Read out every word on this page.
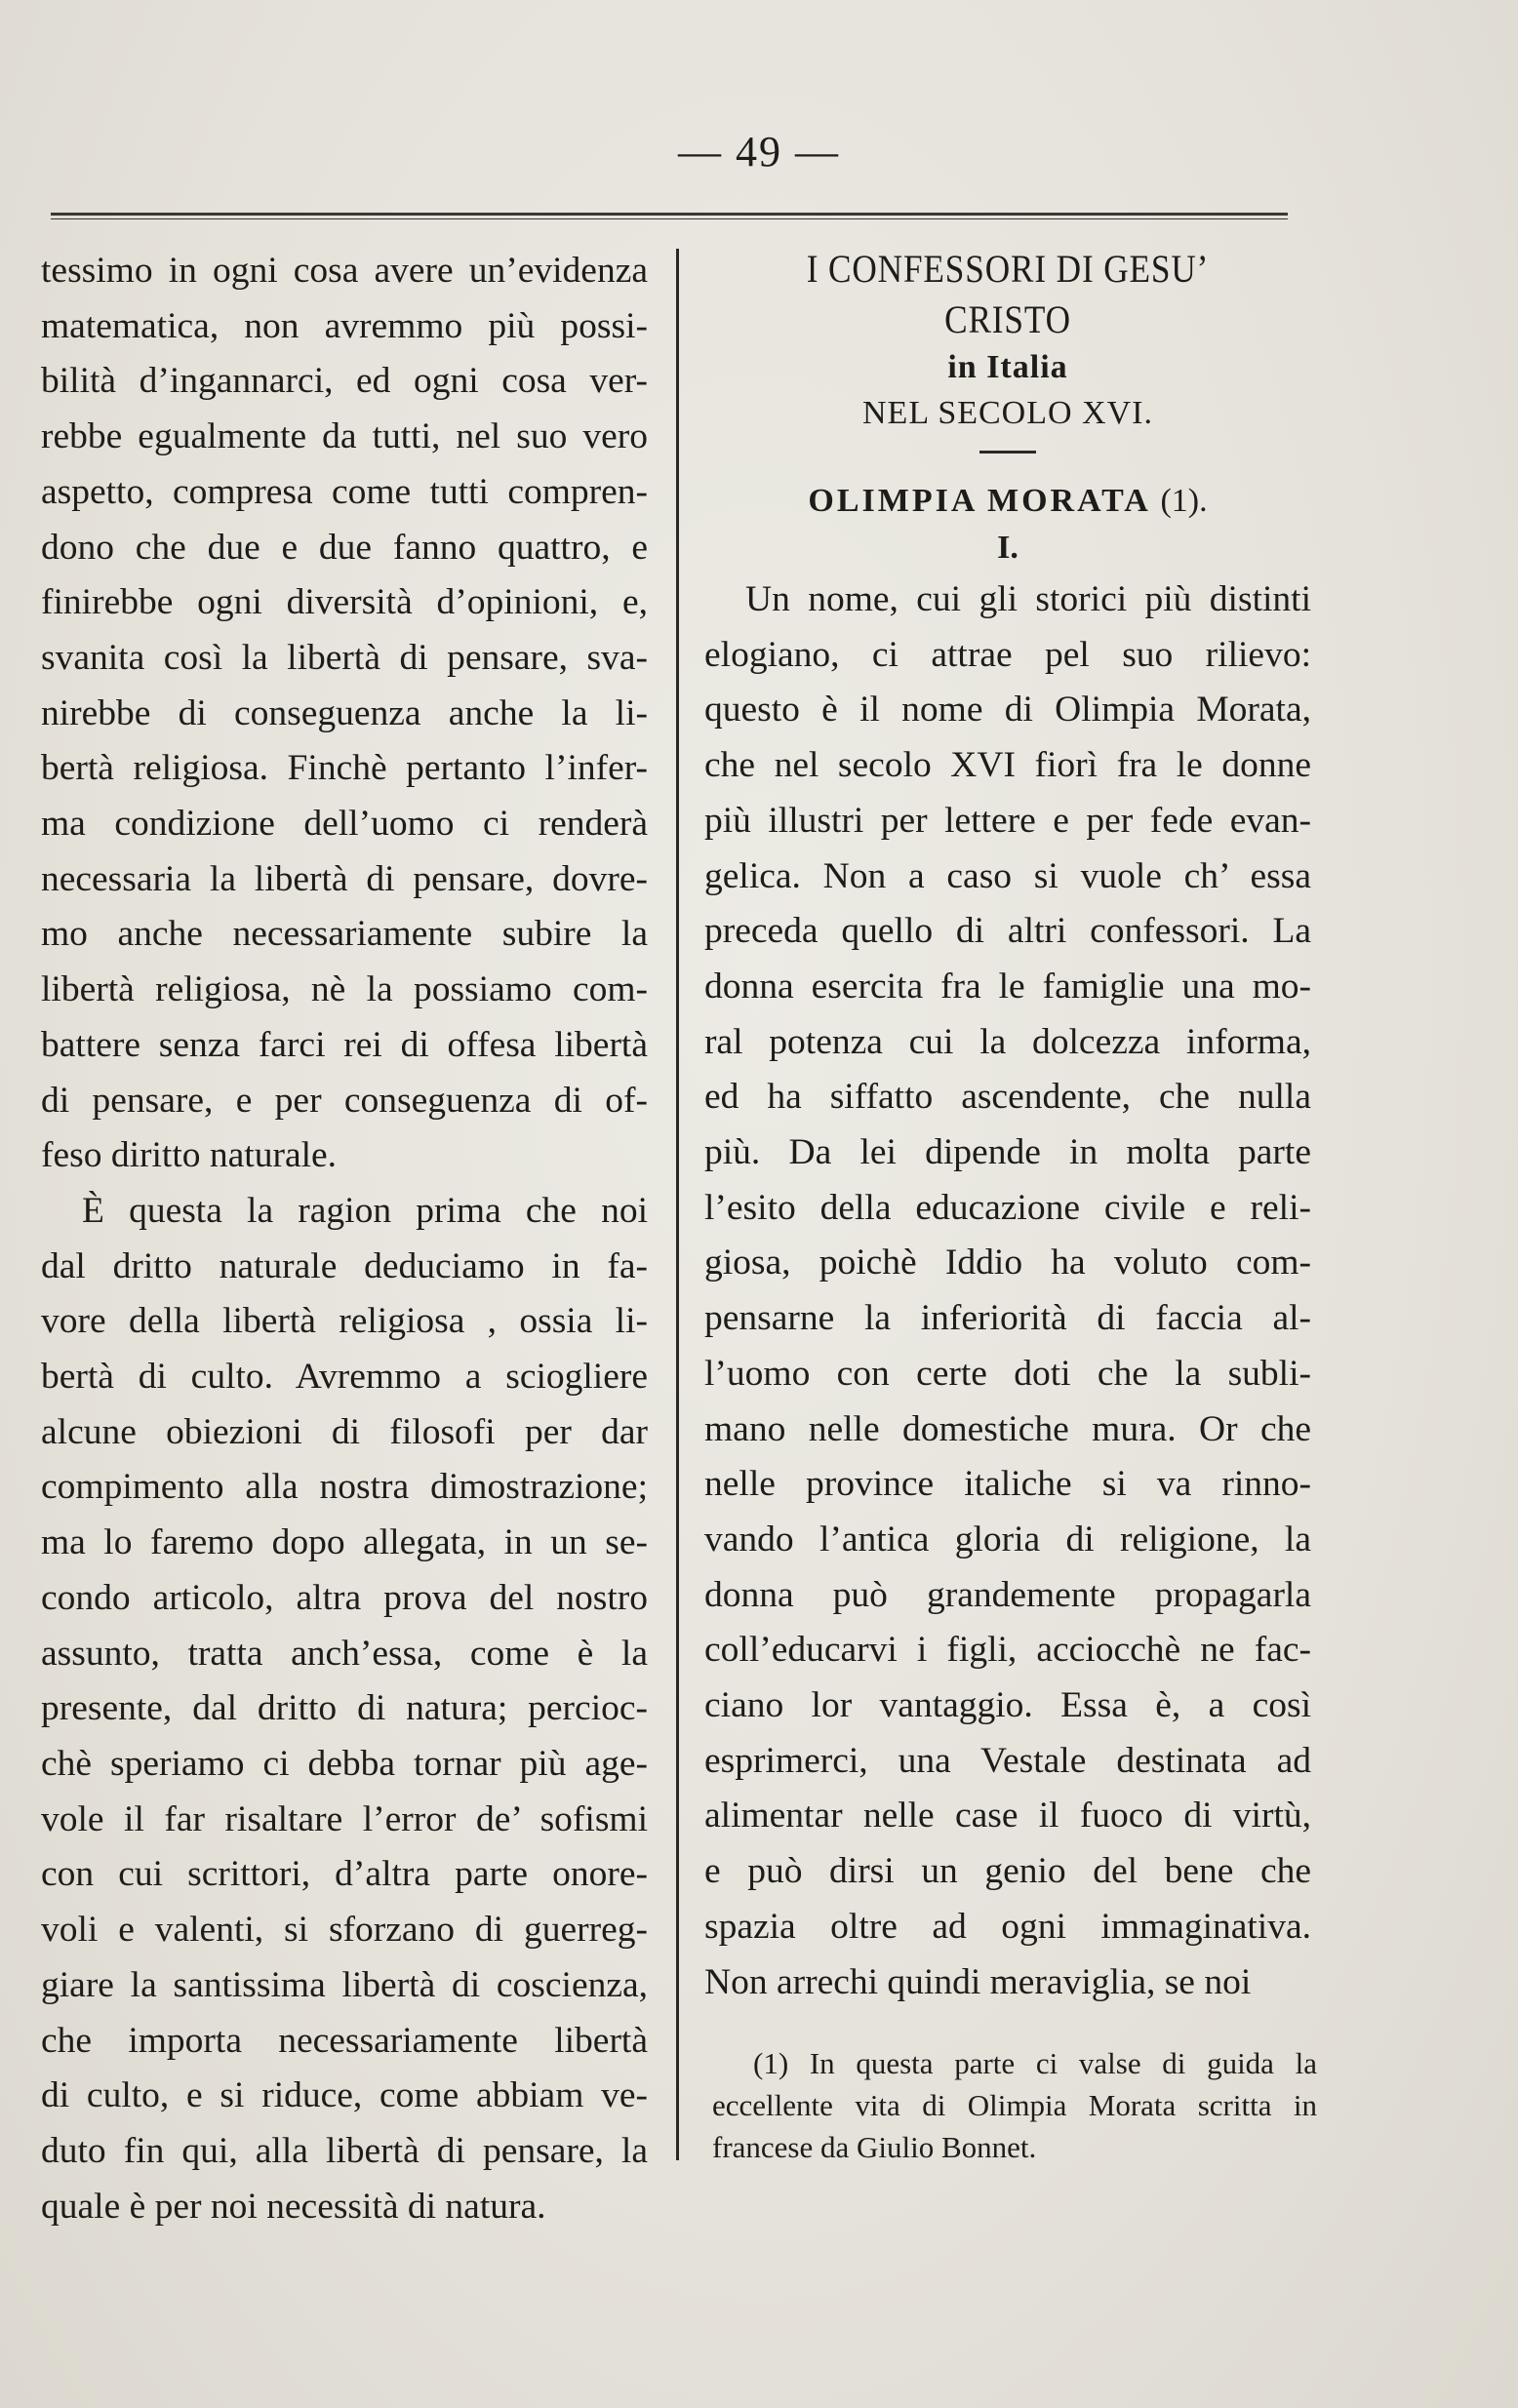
— 49 —

tessimo in ogni cosa avere un’evidenza
matematica, non avremmo più possi-
bilità d’ingannarci, ed ogni cosa ver-
rebbe egualmente da tutti, nel suo vero
aspetto, compresa come tutti compren-
dono che due e due fanno quattro, e
finirebbe ogni diversità d’opinioni, e,
svanita così la libertà di pensare, sva-
nirebbe di conseguenza anche la li-
bertà religiosa. Finchè pertanto l’infer-
ma condizione dell’uomo ci renderà
necessaria la libertà di pensare, dovre-
mo anche necessariamente subire la
libertà religiosa, nè la possiamo com-
battere senza farci rei di offesa libertà
di pensare, e per conseguenza di of-
feso diritto naturale.

È questa la ragion prima che noi
dal dritto naturale deduciamo in fa-
vore della libertà religiosa , ossia li-
bertà di culto. Avremmo a sciogliere
alcune obiezioni di filosofi per dar
compimento alla nostra dimostrazione;
ma lo faremo dopo allegata, in un se-
condo articolo, altra prova del nostro
assunto, tratta anch’essa, come è la
presente, dal dritto di natura; percioc-
chè speriamo ci debba tornar più age-
vole il far risaltare l’error de’ sofismi
con cui scrittori, d’altra parte onore-
voli e valenti, si sforzano di guerreg-
giare la santissima libertà di coscienza,
che importa necessariamente libertà
di culto, e si riduce, come abbiam ve-
duto fin qui, alla libertà di pensare, la
quale è per noi necessità di natura.

I CONFESSORI DI GESU’ CRISTO
in Italia
NEL SECOLO XVI.
OLIMPIA MORATA (1).
I.

Un nome, cui gli storici più distinti
elogiano, ci attrae pel suo rilievo:
questo è il nome di Olimpia Morata,
che nel secolo XVI fiorì fra le donne
più illustri per lettere e per fede evan-
gelica. Non a caso si vuole ch’ essa
preceda quello di altri confessori. La
donna esercita fra le famiglie una mo-
ral potenza cui la dolcezza informa,
ed ha siffatto ascendente, che nulla
più. Da lei dipende in molta parte
l’esito della educazione civile e reli-
giosa, poichè Iddio ha voluto com-
pensarne la inferiorità di faccia al-
l’uomo con certe doti che la subli-
mano nelle domestiche mura. Or che
nelle province italiche si va rinno-
vando l’antica gloria di religione, la
donna può grandemente propagarla
coll’educarvi i figli, acciocchè ne fac-
ciano lor vantaggio. Essa è, a così
esprimerci, una Vestale destinata ad
alimentar nelle case il fuoco di virtù,
e può dirsi un genio del bene che
spazia oltre ad ogni immaginativa.
Non arrechi quindi meraviglia, se noi

(1) In questa parte ci valse di guida la
eccellente vita di Olimpia Morata scritta in
francese da Giulio Bonnet.
